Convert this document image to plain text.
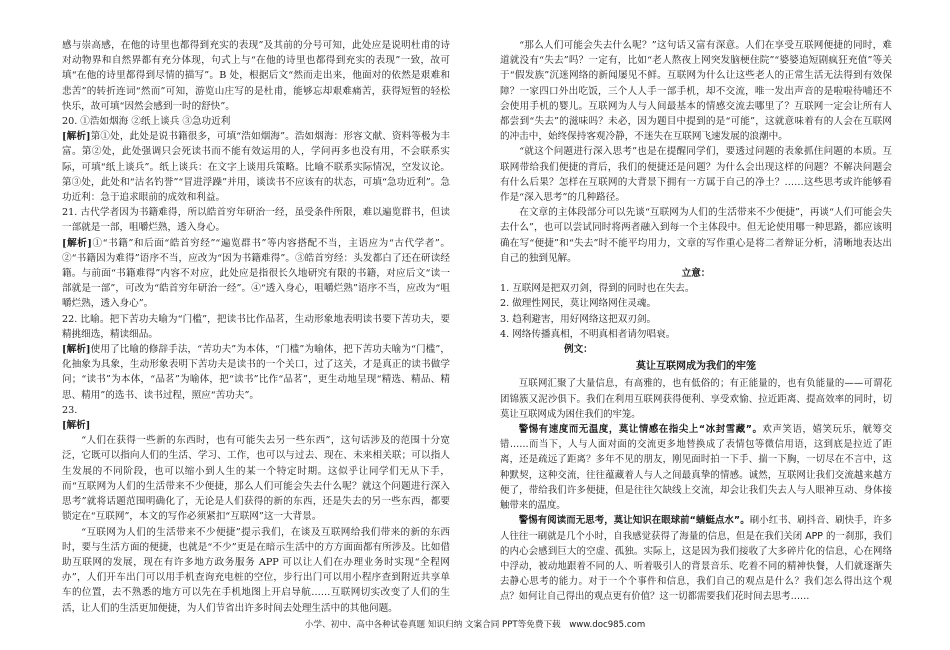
感与崇高感，在他的诗里也都得到充实的表现”及其前的分号可知，此处应是说明杜甫的诗对动物界和自然界都有充分体现，句式上与“在他的诗里也都得到充实的表现”一致，故可填“在他的诗里都得到尽情的描写”。B 处，根据后文“然而走出来，他面对的依然是艰难和悲苦”的转折连词“然而”可知，游览山庄写的是杜甫，能够忘却艰难痛苦，获得短暂的轻松快乐，故可填“因然会感到一时的舒快”。

20. ①浩如烟海 ②纸上谈兵 ③急功近利

[解析]第①处，此处是说书籍很多，可填“浩如烟海”。浩如烟海：形容文献、资料等极为丰富。第②处，此处强调只会死读书而不能有效运用的人，学问再多也没有用，不会联系实际，可填“纸上谈兵”。纸上谈兵：在文字上谈用兵策略。比喻不联系实际情况，空发议论。第③处，此处和“沽名钓誉”“冒进浮躁”并用，谈读书不应该有的状态，可填“急功近利”。急功近利：急于追求眼前的成效和利益。

21. 古代学者因为书籍难得，所以皓首穷年研治一经，虽受条件所限，难以遍览群书，但读一部就是一部，咀嚼烂熟，透入身心。

[解析]①“书籍”和后面“皓首穷经”“遍览群书”等内容搭配不当，主语应为“古代学者”。②“书籍因为难得”语序不当，应改为“因为书籍难得”。③皓首穷经：头发都白了还在研读经籍。与前面“书籍难得”内容不对应，此处应是指很长久地研究有限的书籍，对应后文“读一部就是一部”，可改为“皓首穷年研治一经”。④“透入身心，咀嚼烂熟”语序不当，应改为“咀嚼烂熟，透入身心”。

22. 比喻。把下苦功夫喻为“门槛”，把读书比作品茗，生动形象地表明读书要下苦功夫，要精挑细选，精读细品。

[解析]使用了比喻的修辞手法，“苦功夫”为本体，“门槛”为喻体，把下苦功夫喻为“门槛”，化抽象为具象，生动形象表明下苦功夫是读书的一个关口，过了这关，才是真正的读书做学问；“读书”为本体，“品茗”为喻体，把“读书”比作“品茗”，更生动地呈现“精选、精品、精思、精用”的选书、读书过程，照应“苦功夫”。

23.

[解析]

“人们在获得一些新的东西时，也有可能失去另一些东西”，这句话涉及的范围十分宽泛，它既可以指向人们的生活、学习、工作，也可以与过去、现在、未来相关联；可以指人生发展的不同阶段，也可以缩小到人生的某一个特定时期。这似乎让同学们无从下手，而“互联网为人们的生活带来不少便捷，那么人们可能会失去什么呢？就这个问题进行深入思考”就将话题范围明确化了，无论是人们获得的新的东西，还是失去的另一些东西，都要锁定在“互联网”，本文的写作必须紧扣“互联网”这一大背景。

“互联网为人们的生活带来不少便捷”提示我们，在谈及互联网给我们带来的新的东西时，要与生活方面的便捷，也就是“不少”更是在暗示生活中的方方面面都有所涉及。比如借助互联网的发展，现在有许多地方政务服务 APP 可以让人们在办理业务时实现“全程网办”，人们开车出门可以用手机查询充电桩的空位，步行出门可以用小程序查到附近共享单车的位置，去不熟悉的地方可以先在手机地图上开启导航……互联网切实改变了人们的生活，让人们的生活更加便捷，为人们节省出许多时间去处理生活中的其他问题。

“那么人们可能会失去什么呢？”这句话又富有深意。人们在享受互联网便捷的同时，难道就没有“失去”吗？一定有，比如“老人熬夜上网突发脑梗住院”“婆婆追短剧疯狂充值”等关于“假发族”沉迷网络的新闻屡见不鲜。互联网为什么让这些老人的正常生活无法得到有效保障？一家四口外出吃饭，三个人人手一部手机，却不交流，唯一发出声音的是啦啦待哺还不会使用手机的婴儿。互联网为人与人间最基本的情感交流去哪里了？互联网一定会让所有人都尝到“失去”的滋味吗？未必，因为题目中提到的是“可能”，这就意味着有的人会在互联网的冲击中，始终保持客观冷静，不迷失在互联网飞速发展的浪潮中。

“就这个问题进行深入思考”也是在提醒同学们，要透过问题的表象抓住问题的本质。互联网带给我们便捷的背后，我们的便捷还是问题？为什么会出现这样的问题？不解决问题会有什么后果？怎样在互联网的大背景下拥有一方属于自己的净土？……这些思考或许能够看作是“深入思考”的几种路径。

在文章的主体段部分可以先谈“互联网为人们的生活带来不少便捷”，再谈“人们可能会失去什么”，也可以尝试同时将两者融入到每一个主体段中。但无论使用哪一种思路，都应该明确在写“便捷”和“失去”时不能平均用力，文章的写作重心是将二者辩证分析，清晰地表达出自己的独到见解。

立意：

1. 互联网是把双刃剑，得到的同时也在失去。

2. 做理性网民，莫让网络网住灵魂。

3. 趋利避害，用好网络这把双刃剑。

4. 网络传播真相，不明真相者请勿唱衰。

例文：

莫让互联网成为我们的牢笼

互联网汇聚了大量信息，有高雅的，也有低俗的；有正能量的，也有负能量的——可谓花团锦簇又泥沙俱下。我们在利用互联网获得便利、享受欢愉、拉近距离、提高效率的同时，切莫让互联网成为困住我们的牢笼。

警惕有速度而无温度，莫让情感在指尖上“冰封雪藏”。欢声笑语，嬉笑玩乐，觥筹交错……而当下，人与人面对面的交流更多地替换成了表情包等微信用语，这到底是拉近了距离，还是疏远了距离？多年不见的朋友，刚见面时拍一下手、揣一下胸，一切尽在不言中，这种默契，这种交流，往往蕴藏着人与人之间最真挚的情感。诚然，互联网让我们交流越来越方便了，带给我们许多便捷，但是往往欠缺线上交流，却会让我们失去人与人眼神互动、身体接触带来的温度。

警惕有阅读而无思考，莫让知识在眼球前“蜻蜓点水”。刷小红书、刷抖音、刷快手，许多人往往一刷就是几个小时，自我感觉获得了海量的信息，但是在我们关闭 APP 的一刹那，我们的内心会感到巨大的空虚、孤独。实际上，这是因为我们接收了大多碎片化的信息，心在网络中浮动，被动地跟着不同的人、听着吸引人的背景音乐、吃着不同的精神快餐，人们就逐渐失去静心思考的能力。对于一个个事件和信息，我们自己的观点是什么？我们怎么得出这个观点？如何让自己得出的观点更有价值？这一切都需要我们花时间去思考……

小学、初中、高中各种试卷真题 知识归纳 文案合同 PPT等免费下载　www.doc985.com
